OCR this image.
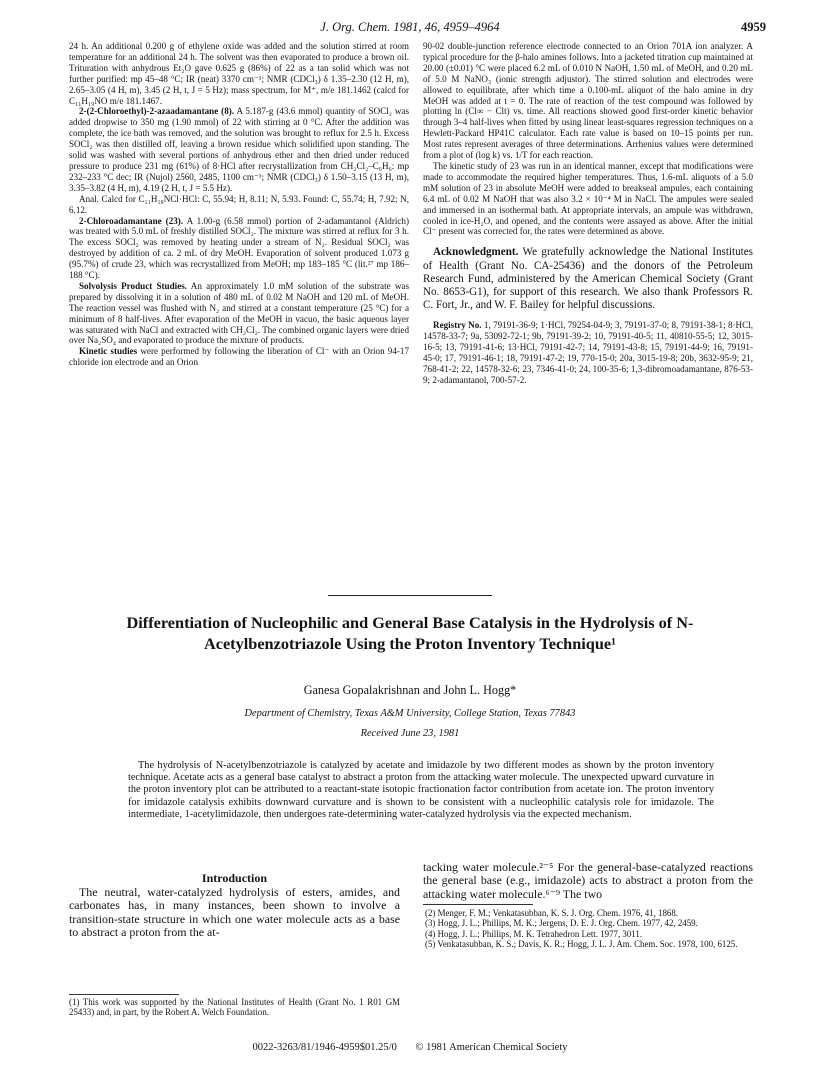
J. Org. Chem. 1981, 46, 4959–4964	4959

24 h. An additional 0.200 g of ethylene oxide was added and the solution stirred at room temperature for an additional 24 h. The solvent was then evaporated to produce a brown oil. Trituration with anhydrous Et₂O gave 0.625 g (86%) of 22 as a tan solid which was not further purified: mp 45–48 °C; IR (neat) 3370 cm⁻¹; NMR (CDCl₃) δ 1.35–2.30 (12 H, m), 2.65–3.05 (4 H, m), 3.45 (2 H, t, J = 5 Hz); mass spectrum, for M⁺, m/e 181.1462 (calcd for C₁₁H₁₉NO m/e 181.1467.

2-(2-Chloroethyl)-2-azaadamantane (8). A 5.187-g (43.6 mmol) quantity of SOCl₂ was added dropwise to 350 mg (1.90 mmol) of 22 with stirring at 0 °C. After the addition was complete, the ice bath was removed, and the solution was brought to reflux for 2.5 h. Excess SOCl₂ was then distilled off, leaving a brown residue which solidified upon standing. The solid was washed with several portions of anhydrous ether and then dried under reduced pressure to produce 231 mg (61%) of 8·HCl after recrystallization from CH₂Cl₂–C₆H₆: mp 232–233 °C dec; IR (Nujol) 2560, 2485, 1100 cm⁻¹; NMR (CDCl₃) δ 1.50–3.15 (13 H, m), 3.35–3.82 (4 H, m), 4.19 (2 H, t, J = 5.5 Hz).

Anal. Calcd for C₁₁H₁₈NCl·HCl: C, 55.94; H, 8.11; N, 5.93. Found: C, 55.74; H, 7.92; N, 6.12.

2-Chloroadamantane (23). A 1.00-g (6.58 mmol) portion of 2-adamantanol (Aldrich) was treated with 5.0 mL of freshly distilled SOCl₂. The mixture was stirred at reflux for 3 h. The excess SOCl₂ was removed by heating under a stream of N₂. Residual SOCl₂ was destroyed by addition of ca. 2 mL of dry MeOH. Evaporation of solvent produced 1.073 g (95.7%) of crude 23, which was recrystallized from MeOH; mp 183–185 °C (lit.²⁷ mp 186–188 °C).

Solvolysis Product Studies. An approximately 1.0 mM solution of the substrate was prepared by dissolving it in a solution of 480 mL of 0.02 M NaOH and 120 mL of MeOH. The reaction vessel was flushed with N₂ and stirred at a constant temperature (25 °C) for a minimum of 8 half-lives. After evaporation of the MeOH in vacuo, the basic aqueous layer was saturated with NaCl and extracted with CH₂Cl₂. The combined organic layers were dried over Na₂SO₄ and evaporated to produce the mixture of products.

Kinetic studies were performed by following the liberation of Cl⁻ with an Orion 94-17 chloride ion electrode and an Orion

90-02 double-junction reference electrode connected to an Orion 701A ion analyzer. A typical procedure for the β-halo amines follows. Into a jacketed titration cup maintained at 20.00 (±0.01) °C were placed 6.2 mL of 0.010 N NaOH, 1.50 mL of MeOH, and 0.20 mL of 5.0 M NaNO₃ (ionic strength adjustor). The stirred solution and electrodes were allowed to equilibrate, after which time a 0.100-mL aliquot of the halo amine in dry MeOH was added at t = 0. The rate of reaction of the test compound was followed by plotting ln (Cl∞ − Clt) vs. time. All reactions showed good first-order kinetic behavior through 3–4 half-lives when fitted by using linear least-squares regression techniques on a Hewlett-Packard HP41C calculator. Each rate value is based on 10–15 points per run. Most rates represent averages of three determinations. Arrhenius values were determined from a plot of (log k) vs. 1/T for each reaction.

The kinetic study of 23 was run in an identical manner, except that modifications were made to accommodate the required higher temperatures. Thus, 1.6-mL aliquots of a 5.0 mM solution of 23 in absolute MeOH were added to breakseal ampules, each containing 6.4 mL of 0.02 M NaOH that was also 3.2 × 10⁻⁴ M in NaCl. The ampules were sealed and immersed in an isothermal bath. At appropriate intervals, an ampule was withdrawn, cooled in ice-H₂O, and opened, and the contents were assayed as above. After the initial Cl⁻ present was corrected for, the rates were determined as above.

Acknowledgment. We gratefully acknowledge the National Institutes of Health (Grant No. CA-25436) and the donors of the Petroleum Research Fund, administered by the American Chemical Society (Grant No. 8653-G1), for support of this research. We also thank Professors R. C. Fort, Jr., and W. F. Bailey for helpful discussions.

Registry No. 1, 79191-36-9; 1·HCl, 79254-04-9; 3, 79191-37-0; 8, 79191-38-1; 8·HCl, 14578-33-7; 9a, 53092-72-1; 9b, 79191-39-2; 10, 79191-40-5; 11, 40810-55-5; 12, 3015-16-5; 13, 79191-41-6; 13·HCl, 79191-42-7; 14, 79191-43-8; 15, 79191-44-9; 16, 79191-45-0; 17, 79191-46-1; 18, 79191-47-2; 19, 770-15-0; 20a, 3015-19-8; 20b, 3632-95-9; 21, 768-41-2; 22, 14578-32-6; 23, 7346-41-0; 24, 100-35-6; 1,3-dibromoadamantane, 876-53-9; 2-adamantanol, 700-57-2.

Differentiation of Nucleophilic and General Base Catalysis in the Hydrolysis of N-Acetylbenzotriazole Using the Proton Inventory Technique¹
Ganesa Gopalakrishnan and John L. Hogg*
Department of Chemistry, Texas A&M University, College Station, Texas 77843
Received June 23, 1981
The hydrolysis of N-acetylbenzotriazole is catalyzed by acetate and imidazole by two different modes as shown by the proton inventory technique. Acetate acts as a general base catalyst to abstract a proton from the attacking water molecule. The unexpected upward curvature in the proton inventory plot can be attributed to a reactant-state isotopic fractionation factor contribution from acetate ion. The proton inventory for imidazole catalysis exhibits downward curvature and is shown to be consistent with a nucleophilic catalysis role for imidazole. The intermediate, 1-acetylimidazole, then undergoes rate-determining water-catalyzed hydrolysis via the expected mechanism.
Introduction
The neutral, water-catalyzed hydrolysis of esters, amides, and carbonates has, in many instances, been shown to involve a transition-state structure in which one water molecule acts as a base to abstract a proton from the at-
tacking water molecule.²⁻⁵ For the general-base-catalyzed reactions the general base (e.g., imidazole) acts to abstract a proton from the attacking water molecule.⁶⁻⁹ The two
(1) This work was supported by the National Institutes of Health (Grant No. 1 R01 GM 25433) and, in part, by the Robert A. Welch Foundation.
(2) Menger, F. M.; Venkatasubban, K. S. J. Org. Chem. 1976, 41, 1868.
(3) Hogg, J. L.; Phillips, M. K.; Jergens, D. E. J. Org. Chem. 1977, 42, 2459.
(4) Hogg, J. L.; Phillips, M. K. Tetrahedron Lett. 1977, 3011.
(5) Venkatasubban, K. S.; Davis, K. R.; Hogg, J. L. J. Am. Chem. Soc. 1978, 100, 6125.
0022-3263/81/1946-4959$01.25/0 © 1981 American Chemical Society
